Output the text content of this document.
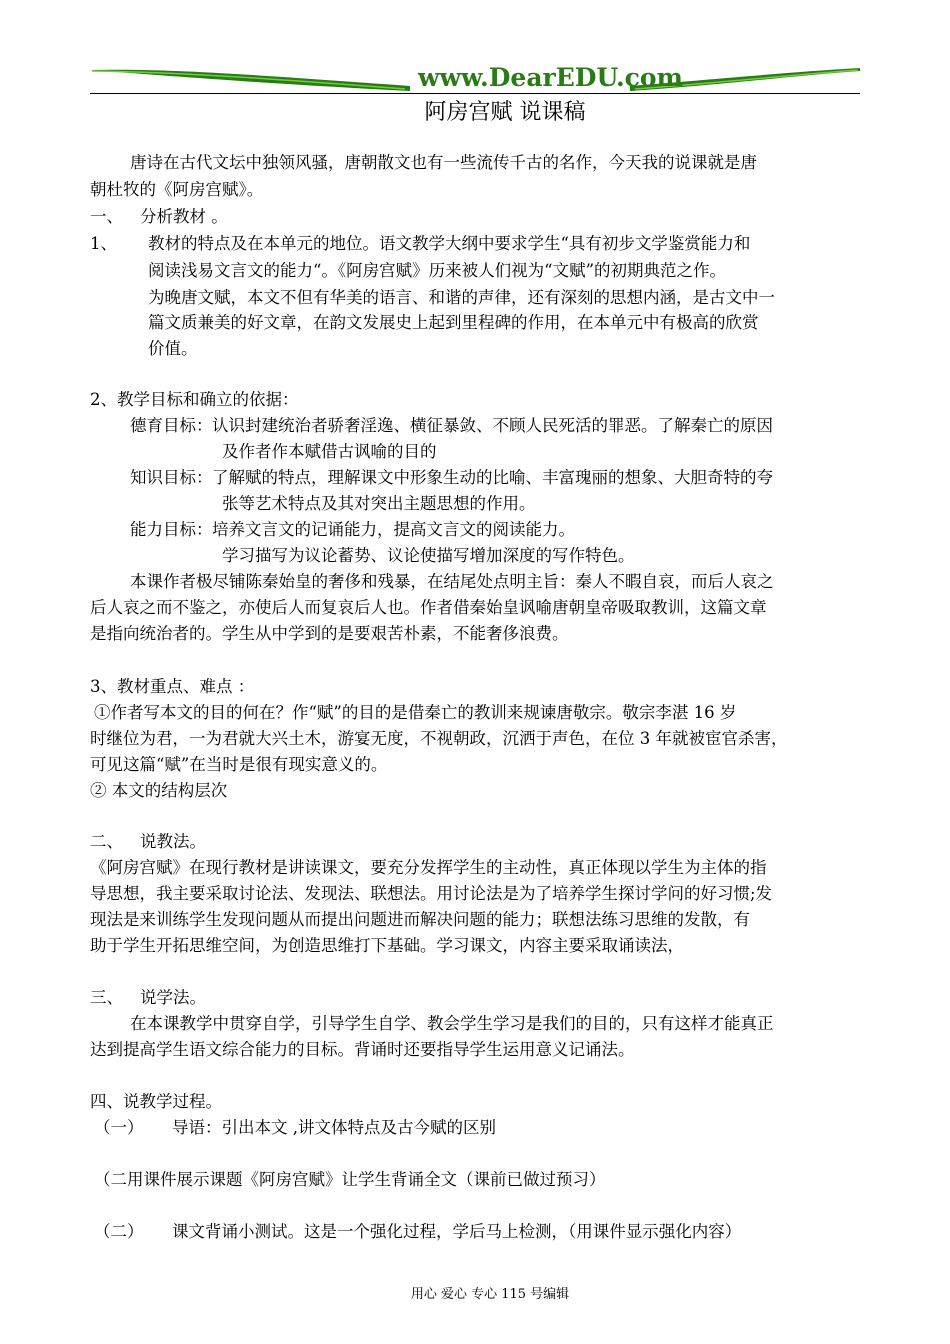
www.DearEDU.com
阿房宫赋 说课稿
唐诗在古代文坛中独领风骚，唐朝散文也有一些流传千古的名作，今天我的说课就是唐
朝杜牧的《阿房宫赋》。
一、 分析教材 。
1、 教材的特点及在本单元的地位。语文教学大纲中要求学生“具有初步文学鉴赏能力和
阅读浅易文言文的能力“。《阿房宫赋》历来被人们视为“文赋”的初期典范之作。
为晚唐文赋，本文不但有华美的语言、和谐的声律，还有深刻的思想内涵，是古文中一
篇文质兼美的好文章，在韵文发展史上起到里程碑的作用，在本单元中有极高的欣赏
价值。
2、教学目标和确立的依据：
德育目标： 认识封建统治者骄奢淫逸、横征暴敛、不顾人民死活的罪恶。了解秦亡的原因
及作者作本赋借古讽喻的目的
知识目标： 了解赋的特点，理解课文中形象生动的比喻、丰富瑰丽的想象、大胆奇特的夸
张等艺术特点及其对突出主题思想的作用。
能力目标： 培养文言文的记诵能力，提高文言文的阅读能力。
学习描写为议论蓄势、议论使描写增加深度的写作特色。
本课作者极尽铺陈秦始皇的奢侈和残暴，在结尾处点明主旨：秦人不暇自哀，而后人哀之
后人哀之而不鉴之，亦使后人而复哀后人也。作者借秦始皇讽喻唐朝皇帝吸取教训，这篇文章
是指向统治者的。学生从中学到的是要艰苦朴素，不能奢侈浪费。
3、教材重点、难点 ：
①作者写本文的目的何在？作“赋”的目的是借秦亡的教训来规谏唐敬宗。敬宗李湛 16 岁
时继位为君，一为君就大兴土木，游宴无度，不视朝政，沉洒于声色，在位 3 年就被宦官杀害，
可见这篇“赋”在当时是很有现实意义的。
② 本文的结构层次
二、 说教法。
《阿房宫赋》在现行教材是讲读课文，要充分发挥学生的主动性，真正体现以学生为主体的指
导思想，我主要采取讨论法、发现法、联想法。用讨论法是为了培养学生探讨学问的好习惯;发
现法是来训练学生发现问题从而提出问题进而解决问题的能力；联想法练习思维的发散，有
助于学生开拓思维空间，为创造思维打下基础。学习课文，内容主要采取诵读法，
三、 说学法。
在本课教学中贯穿自学，引导学生自学、教会学生学习是我们的目的，只有这样才能真正
达到提高学生语文综合能力的目标。背诵时还要指导学生运用意义记诵法。
四、说教学过程。
（一） 导语：引出本文 ,讲文体特点及古今赋的区别
（二用课件展示课题《阿房宫赋》让学生背诵全文（课前已做过预习）
（二） 课文背诵小测试。这是一个强化过程，学后马上检测，（用课件显示强化内容）
用心 爱心 专心 115 号编辑
